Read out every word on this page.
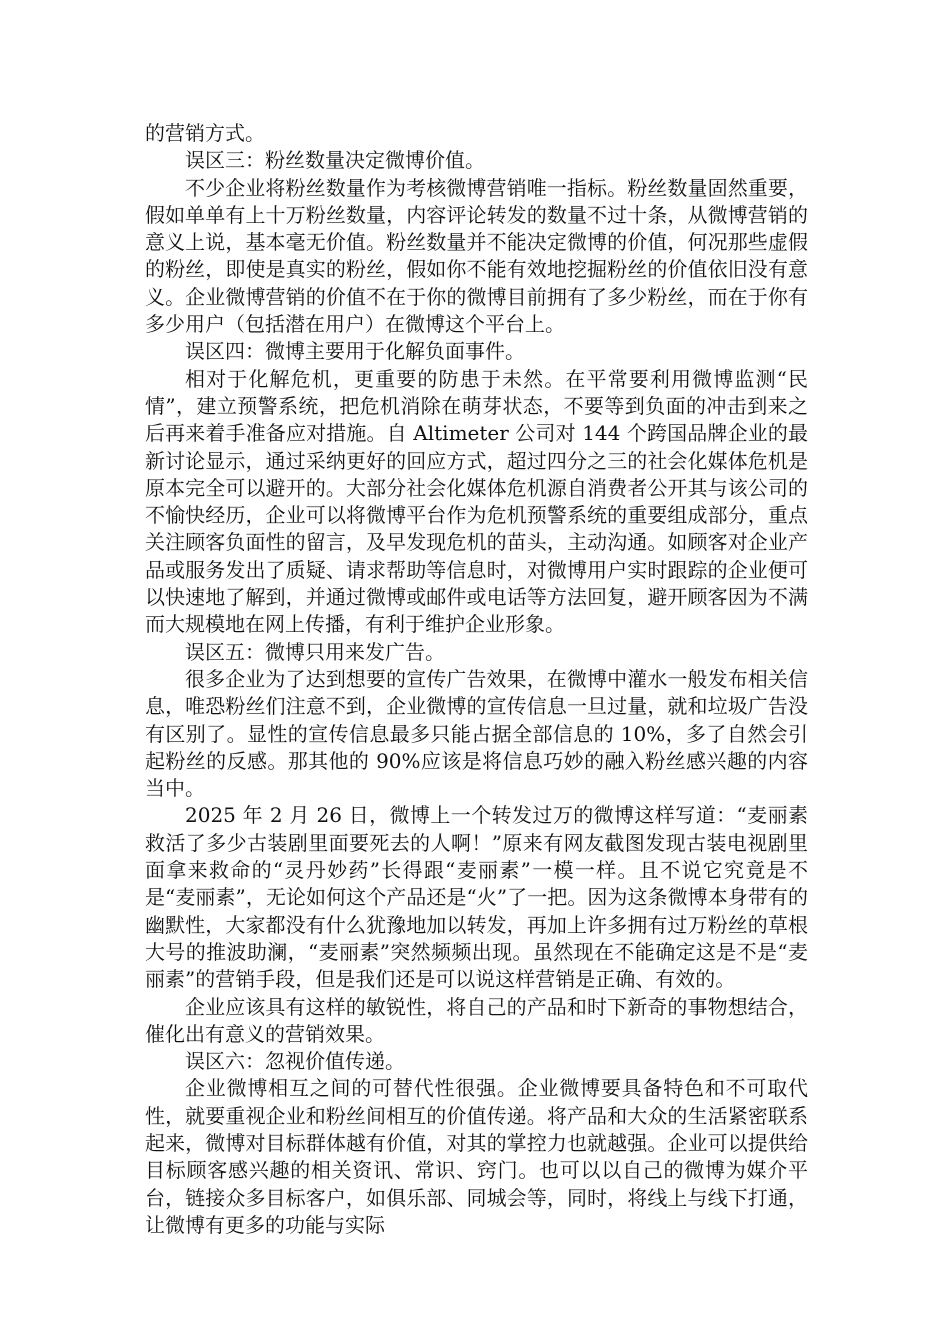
的营销方式。

误区三：粉丝数量决定微博价值。

不少企业将粉丝数量作为考核微博营销唯一指标。粉丝数量固然重要，假如单单有上十万粉丝数量，内容评论转发的数量不过十条，从微博营销的意义上说，基本毫无价值。粉丝数量并不能决定微博的价值，何况那些虚假的粉丝，即使是真实的粉丝，假如你不能有效地挖掘粉丝的价值依旧没有意义。企业微博营销的价值不在于你的微博目前拥有了多少粉丝，而在于你有多少用户（包括潜在用户）在微博这个平台上。

误区四：微博主要用于化解负面事件。

相对于化解危机，更重要的防患于未然。在平常要利用微博监测“民情”，建立预警系统，把危机消除在萌芽状态，不要等到负面的冲击到来之后再来着手准备应对措施。自 Altimeter 公司对 144 个跨国品牌企业的最新讨论显示，通过采纳更好的回应方式，超过四分之三的社会化媒体危机是原本完全可以避开的。大部分社会化媒体危机源自消费者公开其与该公司的不愉快经历，企业可以将微博平台作为危机预警系统的重要组成部分，重点关注顾客负面性的留言，及早发现危机的苗头，主动沟通。如顾客对企业产品或服务发出了质疑、请求帮助等信息时，对微博用户实时跟踪的企业便可以快速地了解到，并通过微博或邮件或电话等方法回复，避开顾客因为不满而大规模地在网上传播，有利于维护企业形象。

误区五：微博只用来发广告。

很多企业为了达到想要的宣传广告效果，在微博中灌水一般发布相关信息，唯恐粉丝们注意不到，企业微博的宣传信息一旦过量，就和垃圾广告没有区别了。显性的宣传信息最多只能占据全部信息的 10%，多了自然会引起粉丝的反感。那其他的 90%应该是将信息巧妙的融入粉丝感兴趣的内容当中。

2025 年 2 月 26 日，微博上一个转发过万的微博这样写道：“麦丽素救活了多少古装剧里面要死去的人啊！”原来有网友截图发现古装电视剧里面拿来救命的“灵丹妙药”长得跟“麦丽素”一模一样。且不说它究竟是不是“麦丽素”，无论如何这个产品还是“火”了一把。因为这条微博本身带有的幽默性，大家都没有什么犹豫地加以转发，再加上许多拥有过万粉丝的草根大号的推波助澜，“麦丽素”突然频频出现。虽然现在不能确定这是不是“麦丽素”的营销手段，但是我们还是可以说这样营销是正确、有效的。

企业应该具有这样的敏锐性，将自己的产品和时下新奇的事物想结合，催化出有意义的营销效果。

误区六：忽视价值传递。

企业微博相互之间的可替代性很强。企业微博要具备特色和不可取代性，就要重视企业和粉丝间相互的价值传递。将产品和大众的生活紧密联系起来，微博对目标群体越有价值，对其的掌控力也就越强。企业可以提供给目标顾客感兴趣的相关资讯、常识、窍门。也可以以自己的微博为媒介平台，链接众多目标客户，如俱乐部、同城会等，同时，将线上与线下打通，让微博有更多的功能与实际
